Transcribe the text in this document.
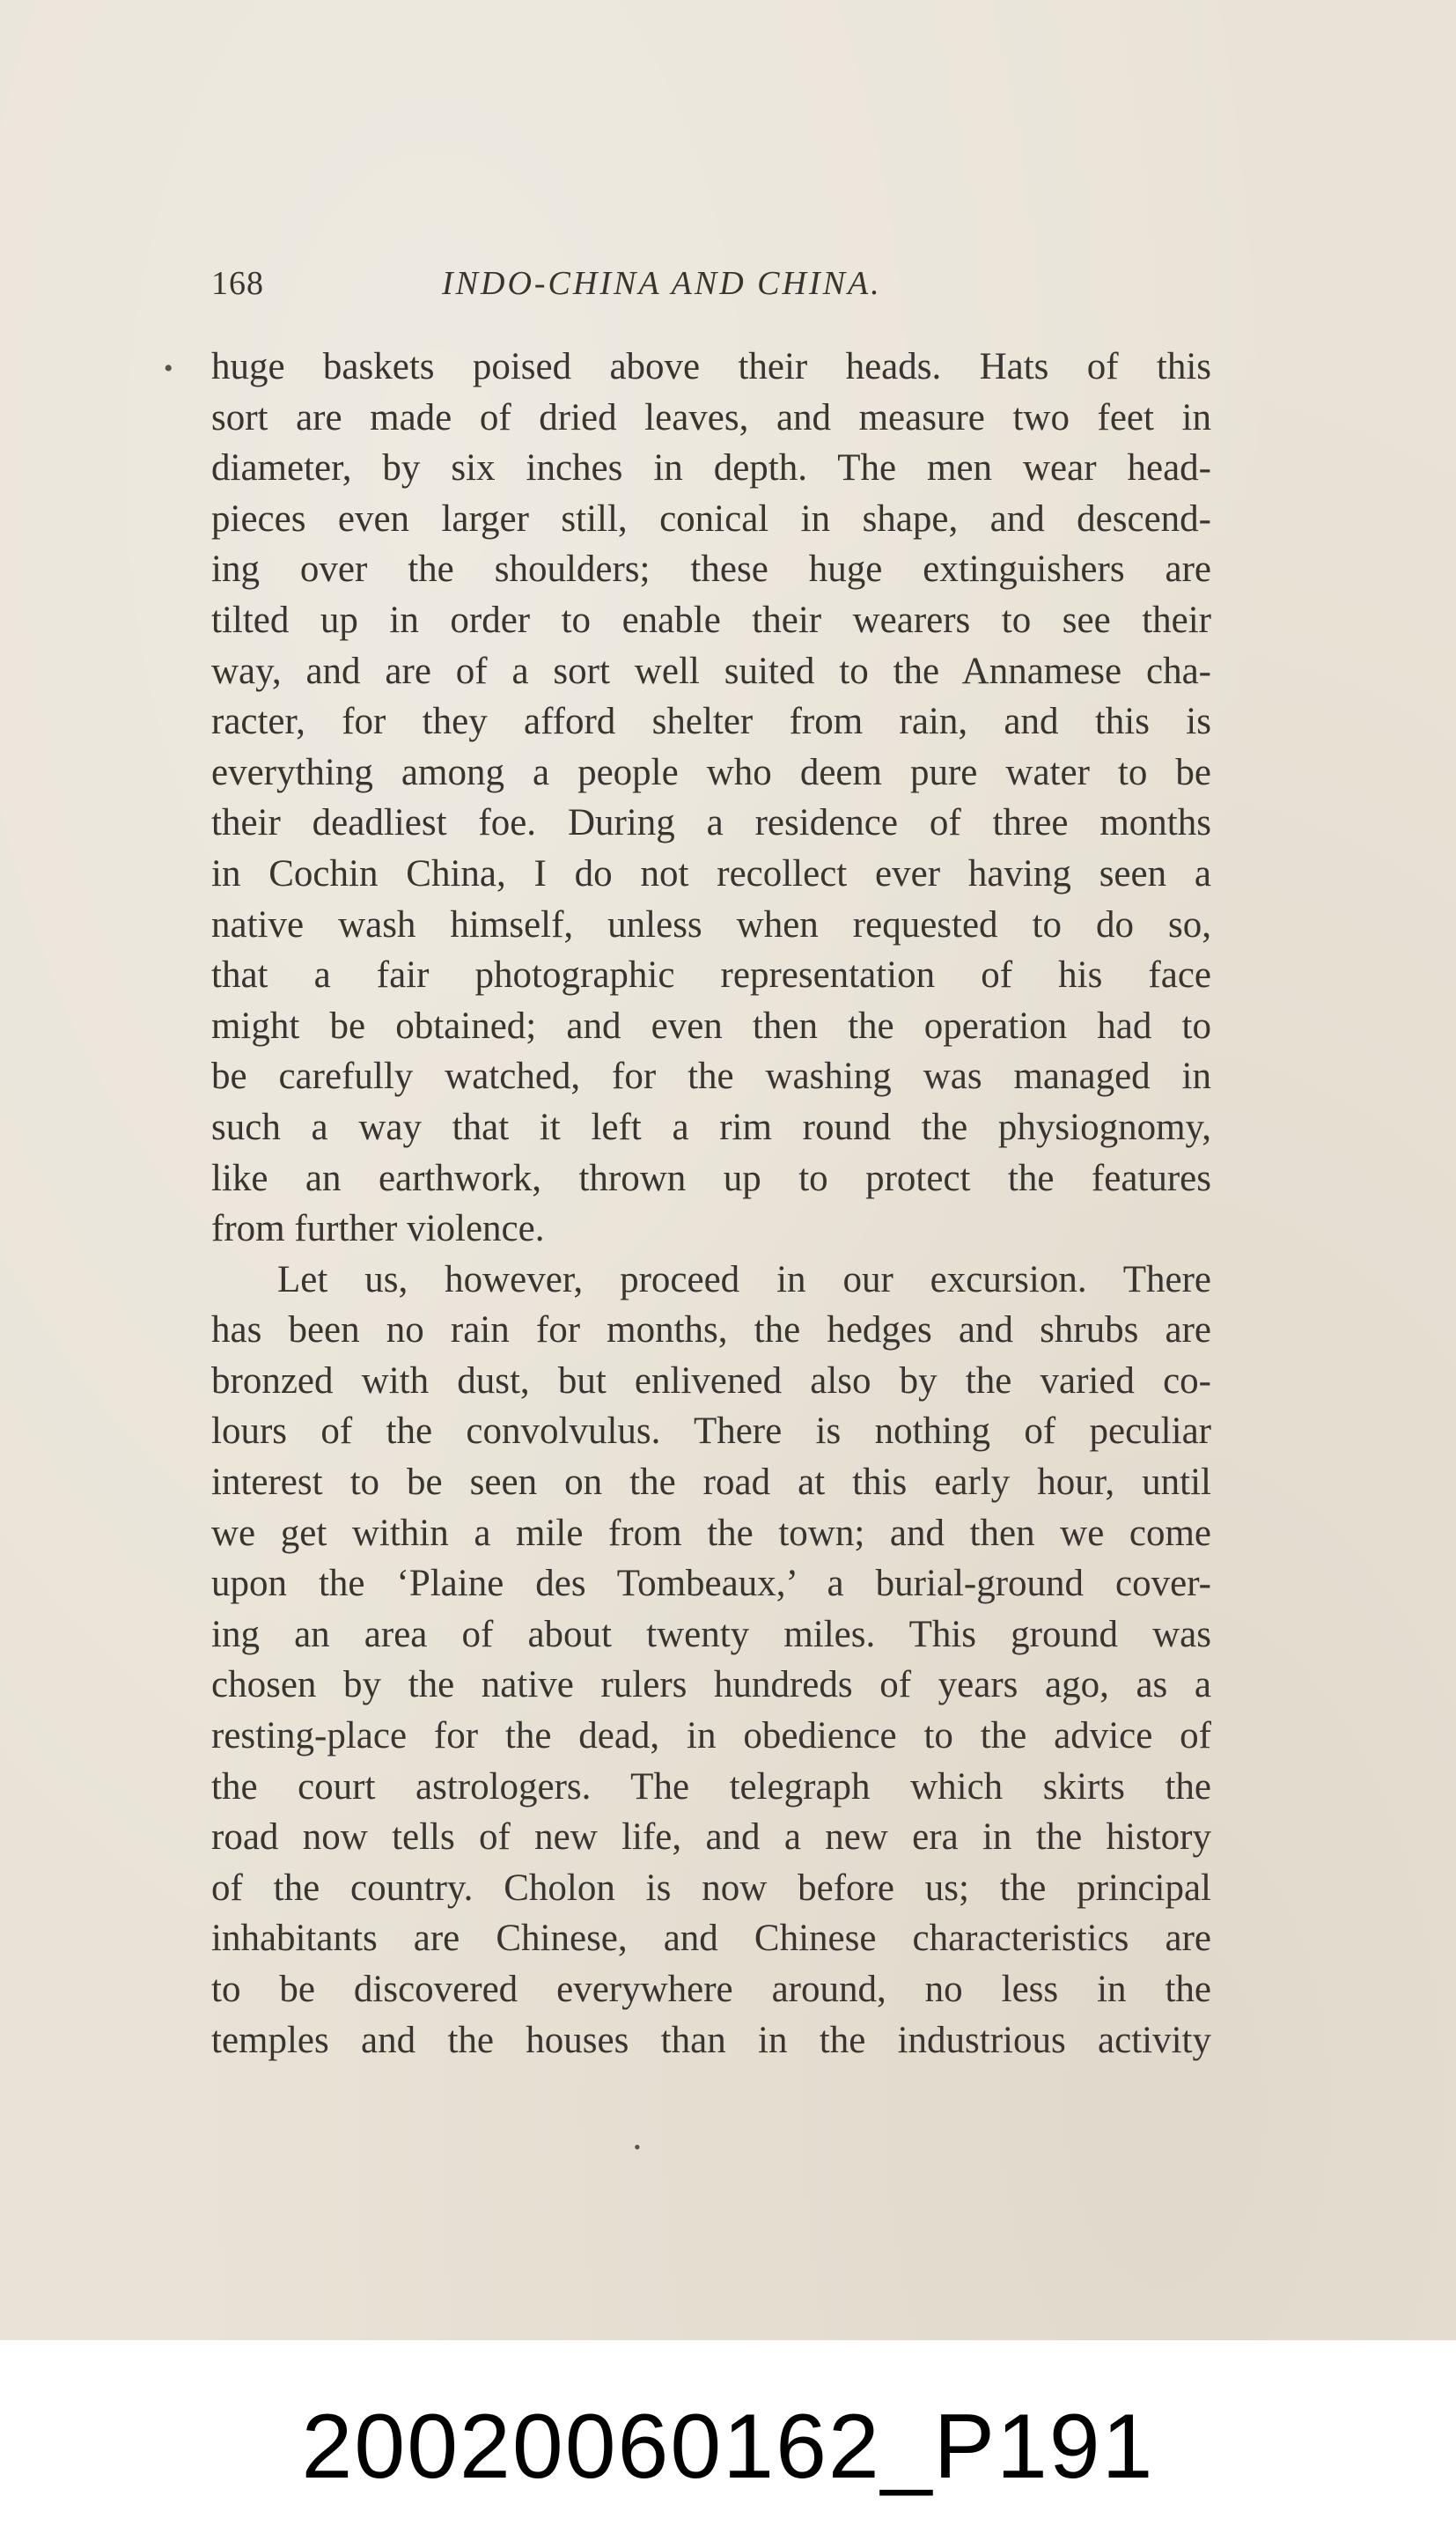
168	INDO-CHINA AND CHINA.
• huge baskets poised above their heads. Hats of this
sort are made of dried leaves, and measure two feet in
diameter, by six inches in depth. The men wear head-
pieces even larger still, conical in shape, and descend-
ing over the shoulders; these huge extinguishers are
tilted up in order to enable their wearers to see their
way, and are of a sort well suited to the Annamese cha-
racter, for they afford shelter from rain, and this is
everything among a people who deem pure water to be
their deadliest foe. During a residence of three months
in Cochin China, I do not recollect ever having seen a
native wash himself, unless when requested to do so,
that a fair photographic representation of his face
might be obtained; and even then the operation had to
be carefully watched, for the washing was managed in
such a way that it left a rim round the physiognomy,
like an earthwork, thrown up to protect the features
from further violence.
Let us, however, proceed in our excursion. There
has been no rain for months, the hedges and shrubs are
bronzed with dust, but enlivened also by the varied co-
lours of the convolvulus. There is nothing of peculiar
interest to be seen on the road at this early hour, until
we get within a mile from the town; and then we come
upon the ‘Plaine des Tombeaux,’ a burial-ground cover-
ing an area of about twenty miles. This ground was
chosen by the native rulers hundreds of years ago, as a
resting-place for the dead, in obedience to the advice of
the court astrologers. The telegraph which skirts the
road now tells of new life, and a new era in the history
of the country. Cholon is now before us; the principal
inhabitants are Chinese, and Chinese characteristics are
to be discovered everywhere around, no less in the
temples and the houses than in the industrious activity
•
20020060162_P191
